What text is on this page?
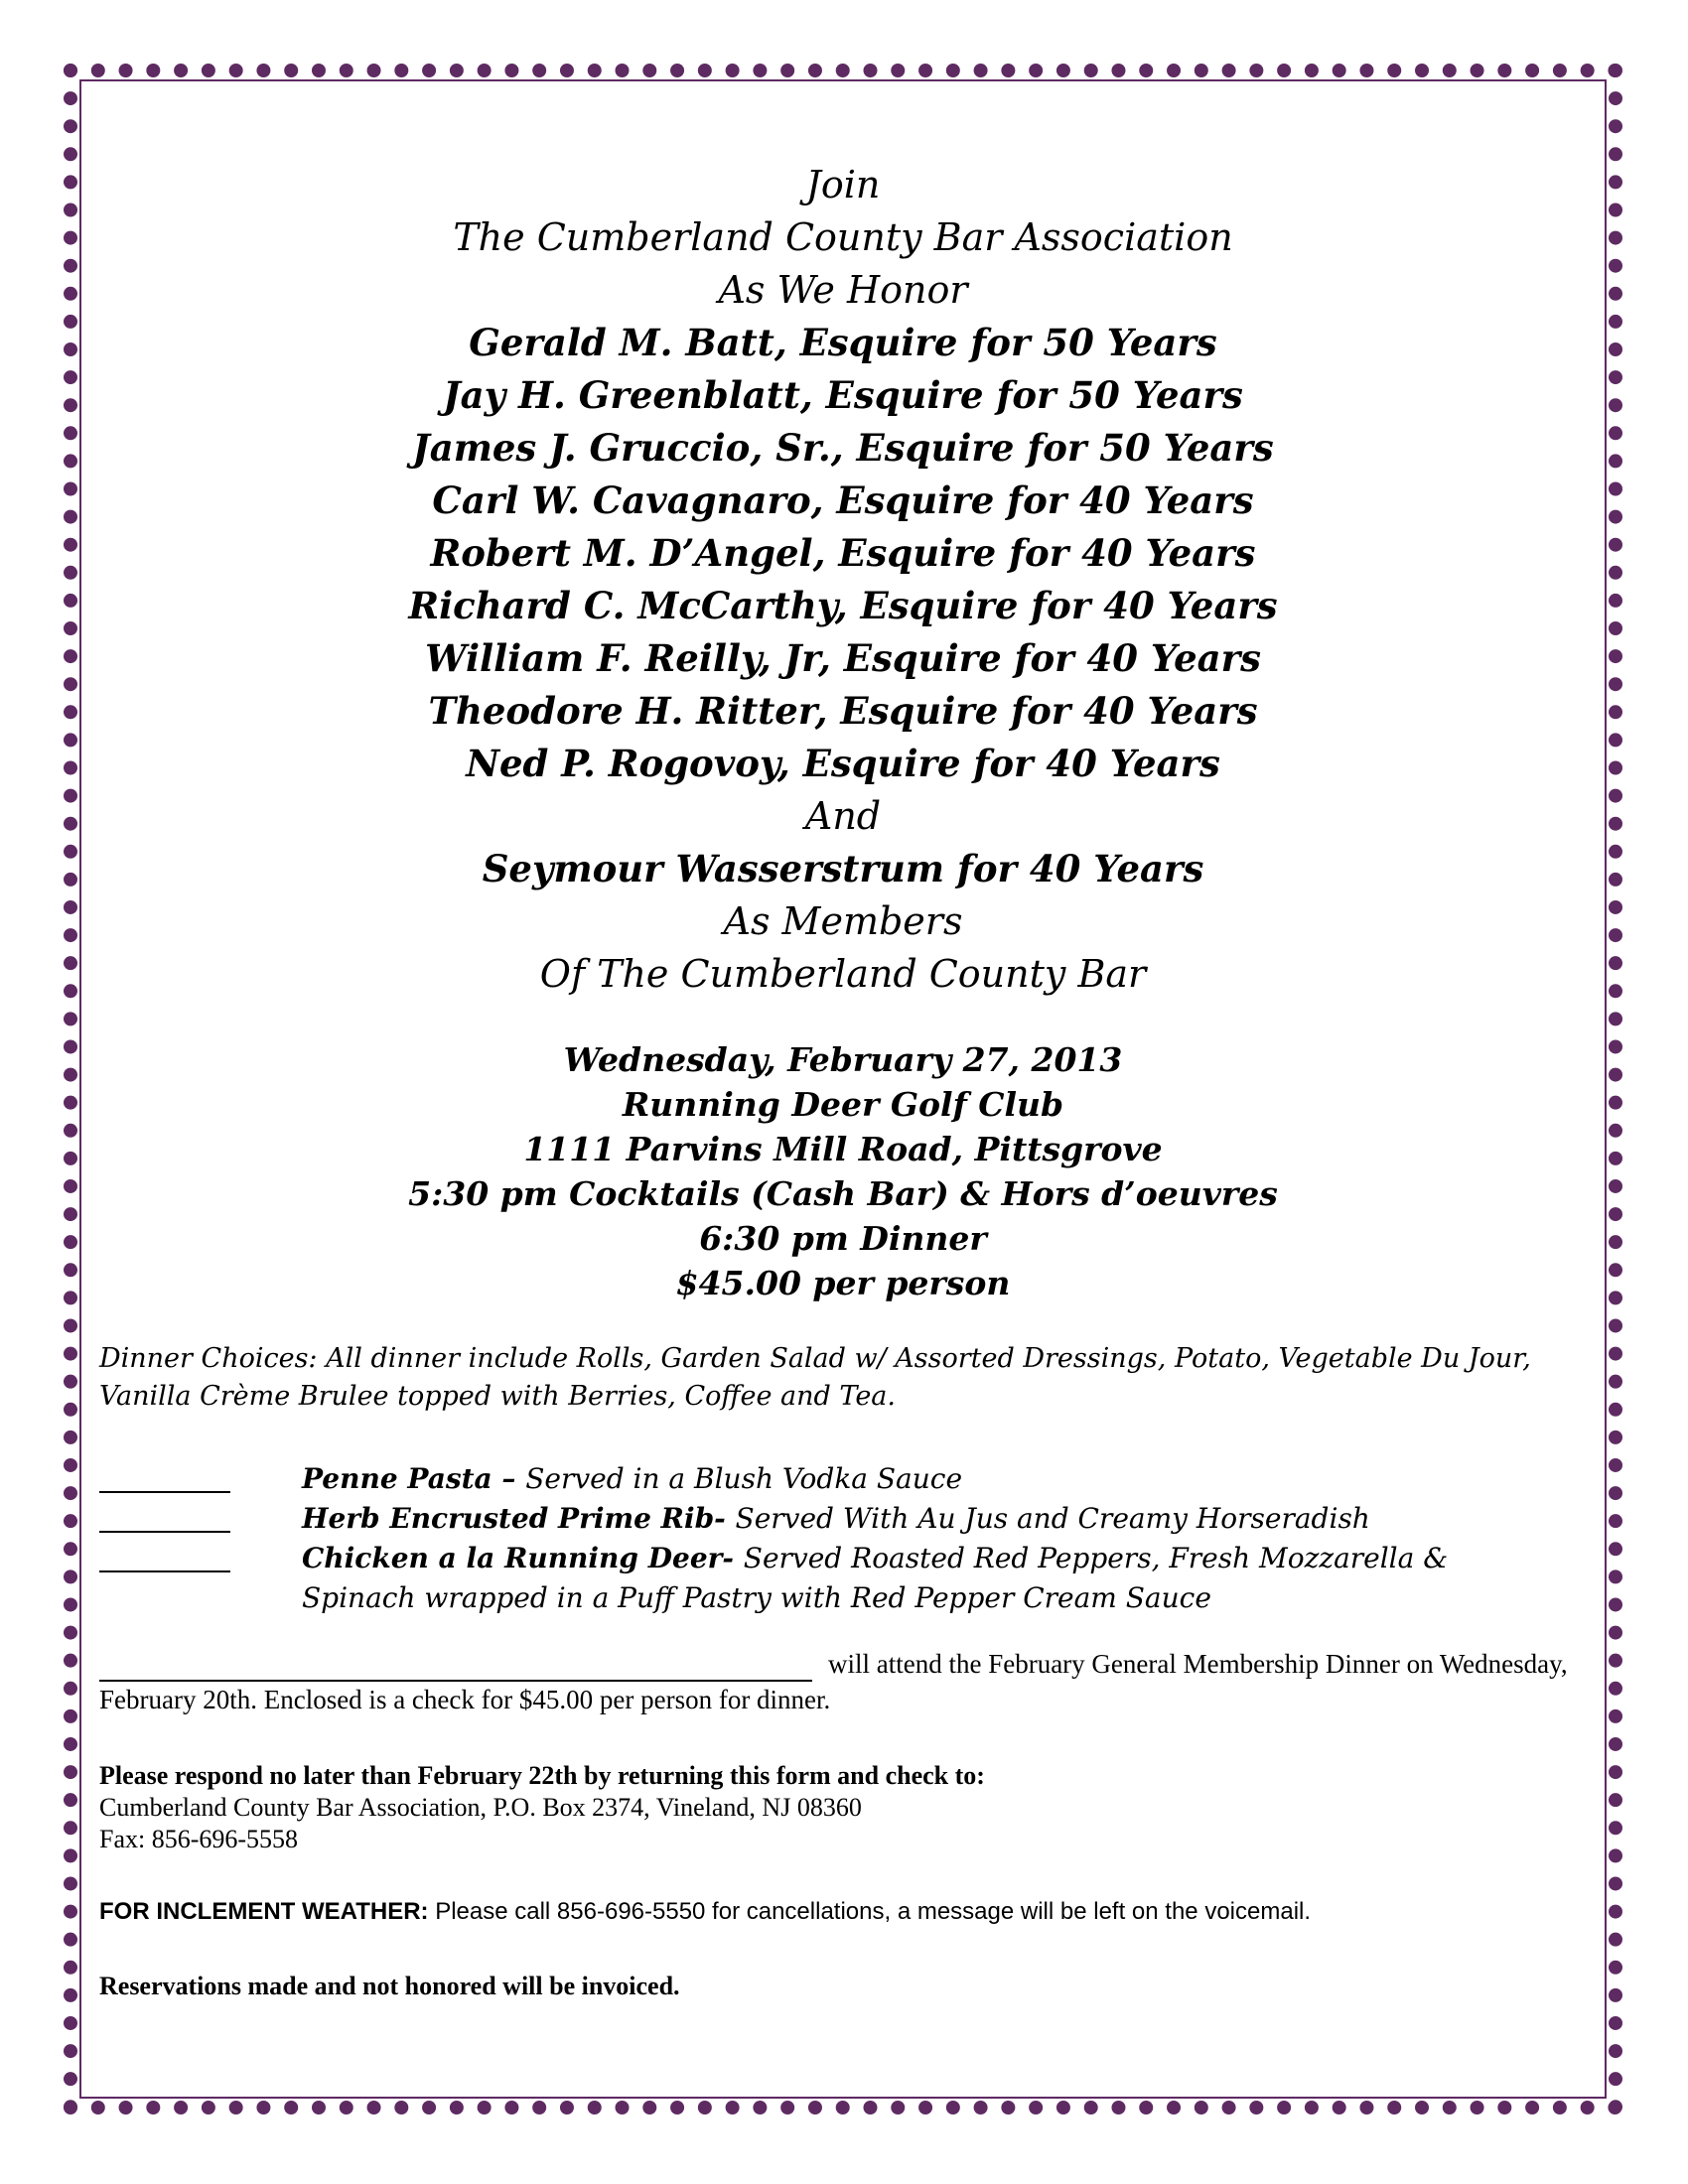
Join
The Cumberland County Bar Association
As We Honor
Gerald M. Batt, Esquire for 50 Years
Jay H. Greenblatt, Esquire for 50 Years
James J. Gruccio, Sr., Esquire for 50 Years
Carl W. Cavagnaro, Esquire for 40 Years
Robert M. D’Angel, Esquire for 40 Years
Richard C. McCarthy, Esquire for 40 Years
William F. Reilly, Jr, Esquire for 40 Years
Theodore H. Ritter, Esquire for 40 Years
Ned P. Rogovoy, Esquire for 40 Years
And
Seymour Wasserstrum for 40 Years
As Members
Of The Cumberland County Bar
Wednesday, February 27, 2013
Running Deer Golf Club
1111 Parvins Mill Road, Pittsgrove
5:30 pm Cocktails (Cash Bar) & Hors d’oeuvres
6:30 pm Dinner
$45.00 per person
Dinner Choices: All dinner include Rolls, Garden Salad w/ Assorted Dressings, Potato, Vegetable Du Jour, Vanilla Crème Brulee topped with Berries, Coffee and Tea.
Penne Pasta – Served in a Blush Vodka Sauce
Herb Encrusted Prime Rib- Served With Au Jus and Creamy Horseradish
Chicken a la Running Deer- Served Roasted Red Peppers, Fresh Mozzarella &
Spinach wrapped in a Puff Pastry with Red Pepper Cream Sauce
will attend the February General Membership Dinner on Wednesday, February 20th. Enclosed is a check for $45.00 per person for dinner.
Please respond no later than February 22th by returning this form and check to:
Cumberland County Bar Association, P.O. Box 2374, Vineland, NJ 08360
Fax: 856-696-5558
FOR INCLEMENT WEATHER: Please call 856-696-5550 for cancellations, a message will be left on the voicemail.
Reservations made and not honored will be invoiced.
